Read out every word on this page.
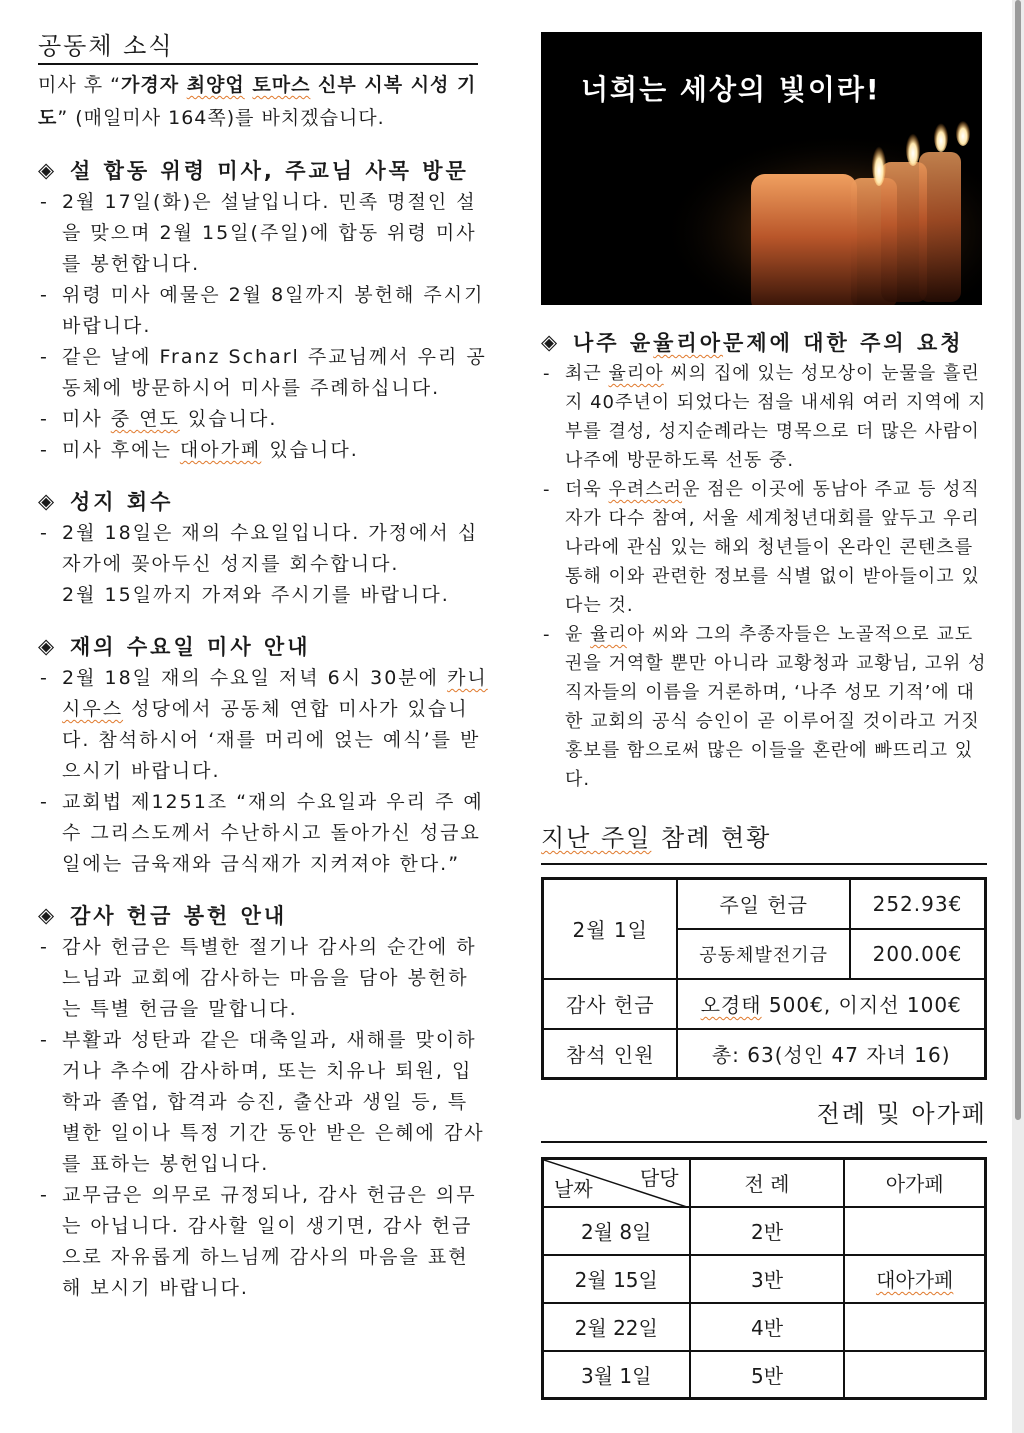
공동체 소식

미사 후 “가경자 최양업 토마스 신부 시복 시성 기도” (매일미사 164쪽)를 바치겠습니다.

◈ 설 합동 위령 미사, 주교님 사목 방문
- 2월 17일(화)은 설날입니다. 민족 명절인 설을 맞으며 2월 15일(주일)에 합동 위령 미사를 봉헌합니다.
- 위령 미사 예물은 2월 8일까지 봉헌해 주시기 바랍니다.
- 같은 날에 Franz Scharl 주교님께서 우리 공동체에 방문하시어 미사를 주례하십니다.
- 미사 중 연도 있습니다.
- 미사 후에는 대아가페 있습니다.
◈ 성지 회수
- 2월 18일은 재의 수요일입니다. 가정에서 십자가에 꽂아두신 성지를 회수합니다.
2월 15일까지 가져와 주시기를 바랍니다.
◈ 재의 수요일 미사 안내
- 2월 18일 재의 수요일 저녁 6시 30분에 카니시우스 성당에서 공동체 연합 미사가 있습니다. 참석하시어 ‘재를 머리에 얹는 예식’를 받으시기 바랍니다.
- 교회법 제1251조 “재의 수요일과 우리 주 예수 그리스도께서 수난하시고 돌아가신 성금요일에는 금육재와 금식재가 지켜져야 한다.”
◈ 감사 헌금 봉헌 안내
- 감사 헌금은 특별한 절기나 감사의 순간에 하느님과 교회에 감사하는 마음을 담아 봉헌하는 특별 헌금을 말합니다.
- 부활과 성탄과 같은 대축일과, 새해를 맞이하거나 추수에 감사하며, 또는 치유나 퇴원, 입학과 졸업, 합격과 승진, 출산과 생일 등, 특별한 일이나 특정 기간 동안 받은 은혜에 감사를 표하는 봉헌입니다.
- 교무금은 의무로 규정되나, 감사 헌금은 의무는 아닙니다. 감사할 일이 생기면, 감사 헌금으로 자유롭게 하느님께 감사의 마음을 표현해 보시기 바랍니다.
너희는 세상의 빛이라!
◈ 나주 윤 율리아 문제에 대한 주의 요청
- 최근 율리아 씨의 집에 있는 성모상이 눈물을 흘린 지 40주년이 되었다는 점을 내세워 여러 지역에 지부를 결성, 성지순례라는 명목으로 더 많은 사람이 나주에 방문하도록 선동 중.
- 더욱 우려스러운 점은 이곳에 동남아 주교 등 성직자가 다수 참여, 서울 세계청년대회를 앞두고 우리나라에 관심 있는 해외 청년들이 온라인 콘텐츠를 통해 이와 관련한 정보를 식별 없이 받아들이고 있다는 것.
- 윤 율리아 씨와 그의 추종자들은 노골적으로 교도권을 거역할 뿐만 아니라 교황청과 교황님, 고위 성직자들의 이름을 거론하며, ‘나주 성모 기적’에 대한 교회의 공식 승인이 곧 이루어질 것이라고 거짓 홍보를 함으로써 많은 이들을 혼란에 빠뜨리고 있다.
지난 주일 참례 현황
2월 1일	주일 헌금	252.93€
	공동체발전기금	200.00€
감사 헌금	오경태 500€, 이지선 100€	
참석 인원	총: 63(성인 47 자녀 16)	
전례 및 아가페
날짜 담당	전 례	아가페
2월 8일	2반	
2월 15일	3반	대아가페
2월 22일	4반	
3월 1일	5반	
